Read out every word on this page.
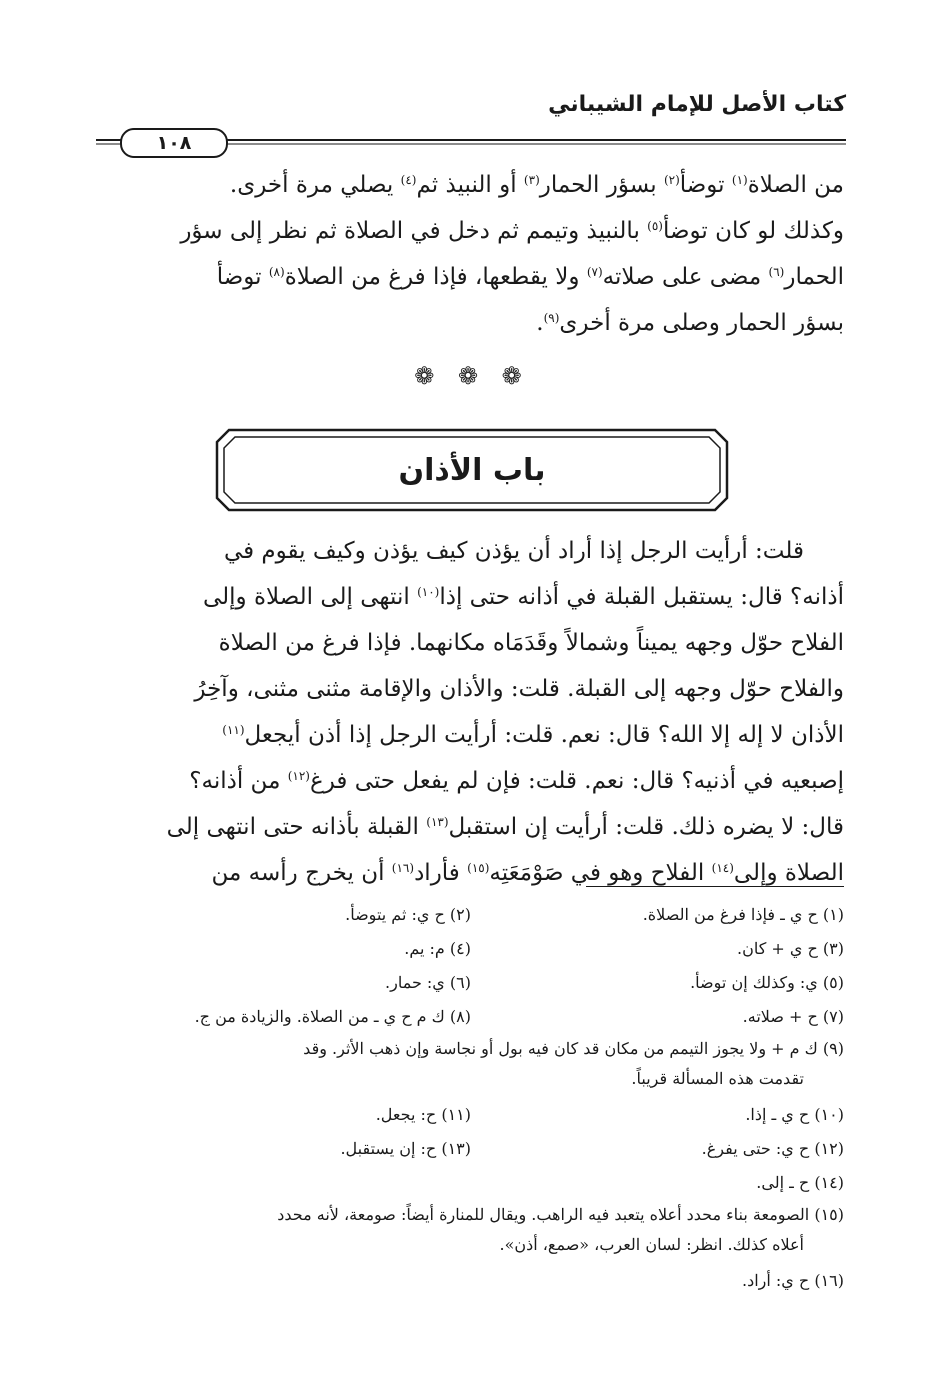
كتاب الأصل للإمام الشيباني
١٠٨

من الصلاة$^{(١)}$ توضأ$^{(٢)}$ بسؤر الحمار$^{(٣)}$ أو النبيذ ثم$^{(٤)}$ يصلي مرة أخرى.

وكذلك لو كان توضأ$^{(٥)}$ بالنبيذ وتيمم ثم دخل في الصلاة ثم نظر إلى سؤر

الحمار$^{(٦)}$ مضى على صلاته$^{(٧)}$ ولا يقطعها، فإذا فرغ من الصلاة$^{(٨)}$ توضأ

بسؤر الحمار وصلى مرة أخرى$^{(٩)}$.

❁ ❁ ❁
باب الأذان

قلت: أرأيت الرجل إذا أراد أن يؤذن كيف يؤذن وكيف يقوم في

أذانه؟ قال: يستقبل القبلة في أذانه حتى إذا$^{(١٠)}$ انتهى إلى الصلاة وإلى

الفلاح حوّل وجهه يميناً وشمالاً وقَدَمَاه مكانهما. فإذا فرغ من الصلاة

والفلاح حوّل وجهه إلى القبلة. قلت: والأذان والإقامة مثنى مثنى، وآخِرُ

الأذان لا إله إلا الله؟ قال: نعم. قلت: أرأيت الرجل إذا أذن أيجعل$^{(١١)}$

إصبعيه في أذنيه؟ قال: نعم. قلت: فإن لم يفعل حتى فرغ$^{(١٢)}$ من أذانه؟

قال: لا يضره ذلك. قلت: أرأيت إن استقبل$^{(١٣)}$ القبلة بأذانه حتى انتهى إلى

الصلاة وإلى$^{(١٤)}$ الفلاح وهو في صَوْمَعَتِه$^{(١٥)}$ فأراد$^{(١٦)}$ أن يخرج رأسه من

(١) ح ي ـ فإذا فرغ من الصلاة.
(٢) ح ي: ثم يتوضأ.
(٣) ح ي + كان.
(٤) م: يم.
(٥) ي: وكذلك إن توضأ.
(٦) ي: حمار.
(٧) ح + صلاته.
(٨) ك م ح ي ـ من الصلاة. والزيادة من ج.
(٩) ك م + ولا يجوز التيمم من مكان قد كان فيه بول أو نجاسة وإن ذهب الأثر. وقد
تقدمت هذه المسألة قريباً.
(١٠) ح ي ـ إذا.
(١١) ح: يجعل.
(١٢) ح ي: حتى يفرغ.
(١٣) ح: إن يستقبل.
(١٤) ح ـ إلى.
(١٥) الصومعة بناء محدد أعلاه يتعبد فيه الراهب. ويقال للمنارة أيضاً: صومعة، لأنه محدد
أعلاه كذلك. انظر: لسان العرب، «صمع، أذن».
(١٦) ح ي: أراد.
